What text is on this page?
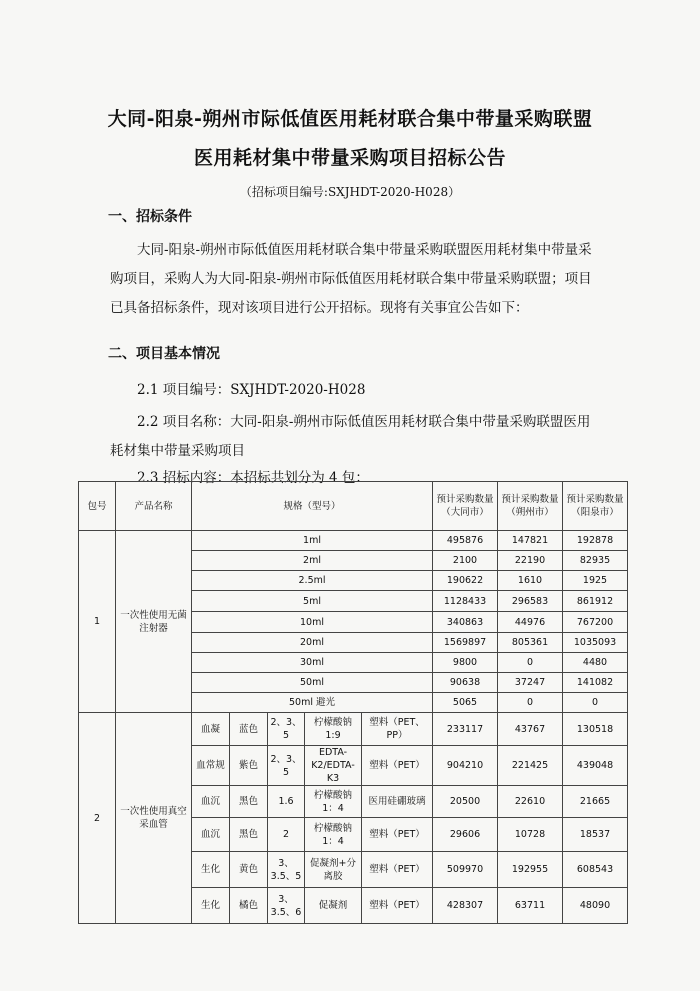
大同-阳泉-朔州市际低值医用耗材联合集中带量采购联盟
医用耗材集中带量采购项目招标公告
（招标项目编号:SXJHDT-2020-H028）
一、招标条件

大同-阳泉-朔州市际低值医用耗材联合集中带量采购联盟医用耗材集中带量采购项目，采购人为大同-阳泉-朔州市际低值医用耗材联合集中带量采购联盟；项目已具备招标条件，现对该项目进行公开招标。现将有关事宜公告如下：

二、项目基本情况
2.1 项目编号：SXJHDT-2020-H028
2.2 项目名称：大同-阳泉-朔州市际低值医用耗材联合集中带量采购联盟医用耗材集中带量采购项目
2.3 招标内容：本招标共划分为 4 包：
包号	产品名称	规格（型号）					预计采购数量（大同市）	预计采购数量（朔州市）	预计采购数量（阳泉市）
1	一次性使用无菌注射器	1ml					495876	147821	192878
		2ml					2100	22190	82935
		2.5ml					190622	1610	1925
		5ml					1128433	296583	861912
		10ml					340863	44976	767200
		20ml					1569897	805361	1035093
		30ml					9800	0	4480
		50ml					90638	37247	141082
		50ml 避光					5065	0	0
2	一次性使用真空采血管	血凝	蓝色	2、3、5	柠檬酸钠 1:9	塑料（PET、PP）	233117	43767	130518
		血常规	紫色	2、3、5	EDTA-K2/EDTA-K3	塑料（PET）	904210	221425	439048
		血沉	黑色	1.6	柠檬酸钠 1：4	医用硅硼玻璃	20500	22610	21665
		血沉	黑色	2	柠檬酸钠 1：4	塑料（PET）	29606	10728	18537
		生化	黄色	3、3.5、5	促凝剂+分离胶	塑料（PET）	509970	192955	608543
		生化	橘色	3、3.5、6	促凝剂	塑料（PET）	428307	63711	48090
